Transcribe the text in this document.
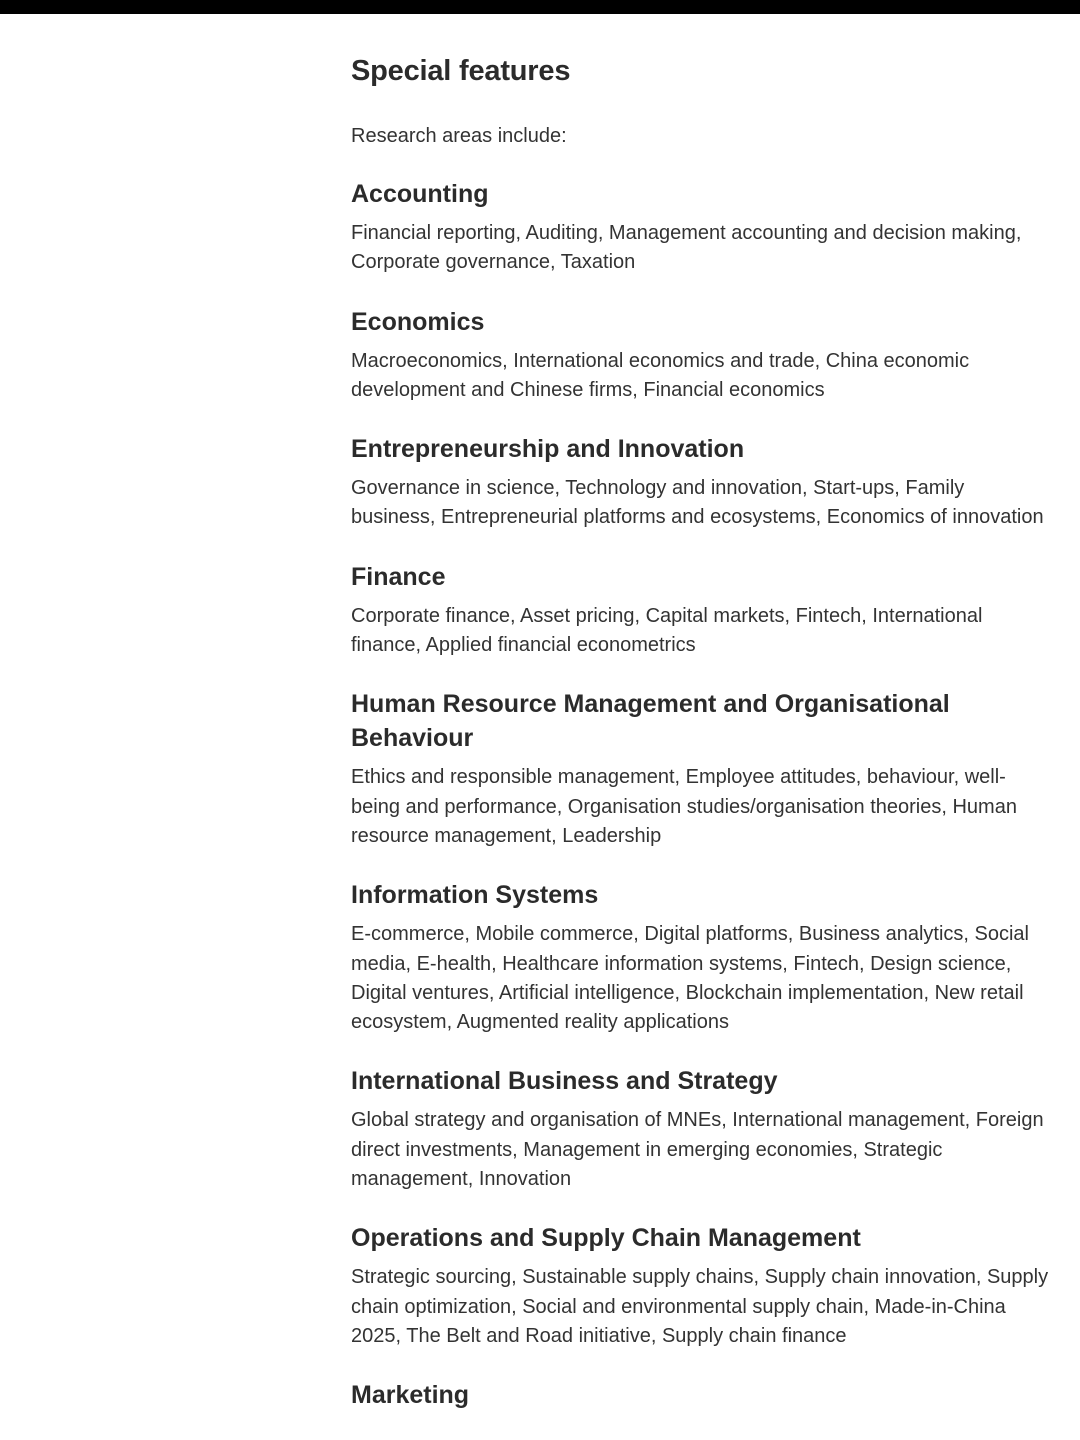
Special features

Research areas include:

Accounting

Financial reporting, Auditing, Management accounting and decision making, Corporate governance, Taxation

Economics

Macroeconomics, International economics and trade, China economic development and Chinese firms, Financial economics

Entrepreneurship and Innovation

Governance in science, Technology and innovation, Start-ups, Family business, Entrepreneurial platforms and ecosystems, Economics of innovation

Finance

Corporate finance, Asset pricing, Capital markets, Fintech, International finance, Applied financial econometrics

Human Resource Management and Organisational Behaviour

Ethics and responsible management, Employee attitudes, behaviour, well-being and performance, Organisation studies/organisation theories, Human resource management, Leadership

Information Systems

E-commerce, Mobile commerce, Digital platforms, Business analytics, Social media, E-health, Healthcare information systems, Fintech, Design science, Digital ventures, Artificial intelligence, Blockchain implementation, New retail ecosystem, Augmented reality applications

International Business and Strategy

Global strategy and organisation of MNEs, International management, Foreign direct investments, Management in emerging economies, Strategic management, Innovation

Operations and Supply Chain Management

Strategic sourcing, Sustainable supply chains, Supply chain innovation, Supply chain optimization, Social and environmental supply chain, Made-in-China 2025, The Belt and Road initiative, Supply chain finance

Marketing
